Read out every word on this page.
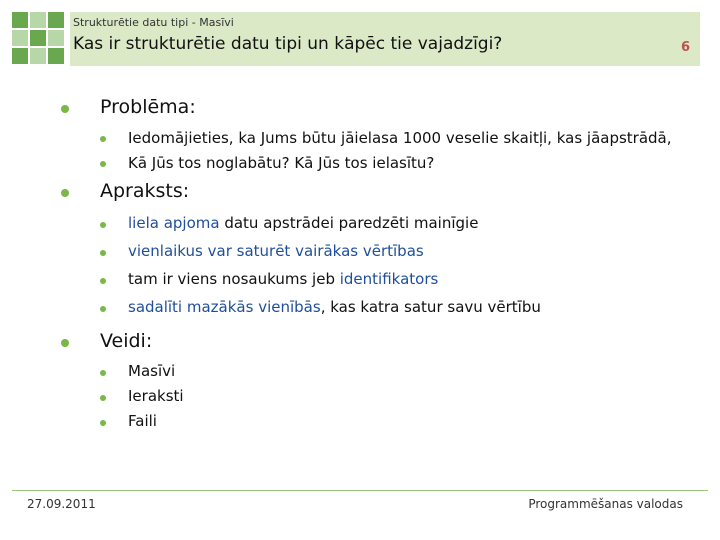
Strukturētie datu tipi - Masīvi
Kas ir strukturētie datu tipi un kāpēc tie vajadzīgi?	6
Problēma:
Iedomājieties, ka Jums būtu jāielasa 1000 veselie skaitļi, kas jāapstrādā,
Kā Jūs tos noglabātu? Kā Jūs tos ielasītu?
Apraksts:
liela apjoma datu apstrādei paredzēti mainīgie
vienlaikus var saturēt vairākas vērtības
tam ir viens nosaukums jeb identifikators
sadalīti mazākās vienībās, kas katra satur savu vērtību
Veidi:
Masīvi
Ieraksti
Faili
27.09.2011	Programmēšanas valodas
